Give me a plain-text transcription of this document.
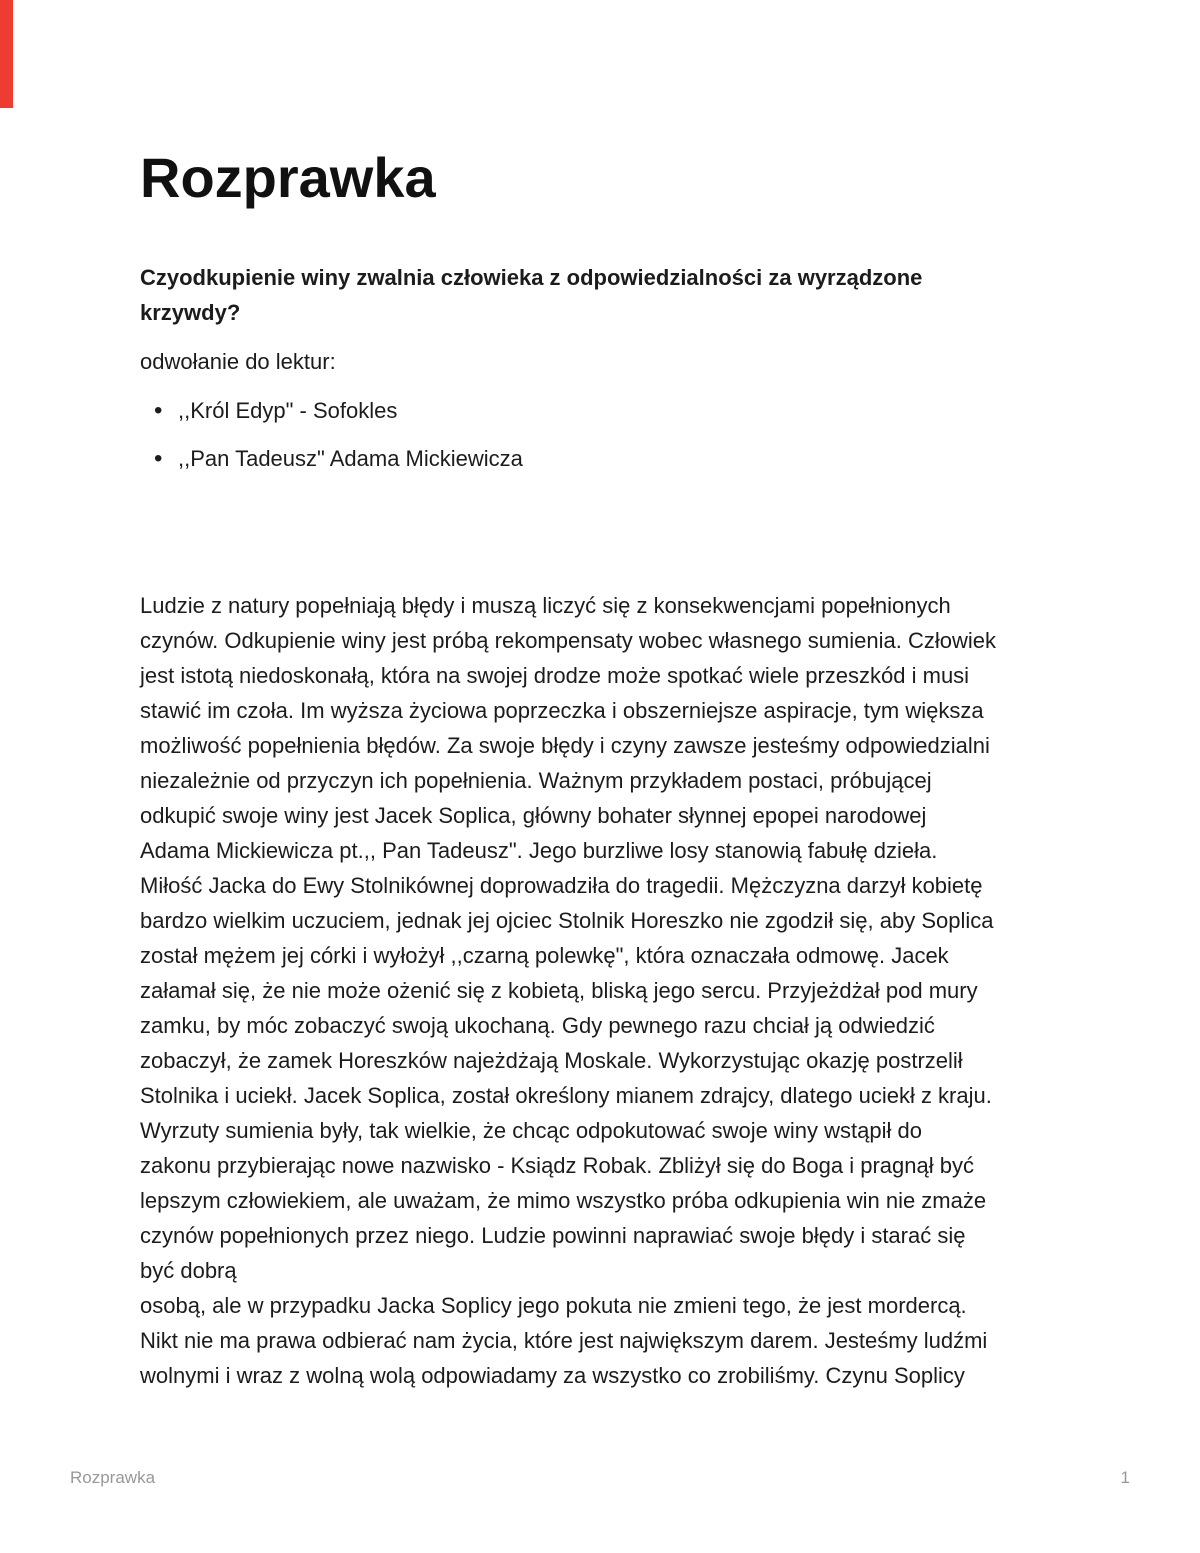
Rozprawka
Czyodkupienie winy zwalnia człowieka z odpowiedzialności za wyrządzone
krzywdy?
odwołanie do lektur:
• ,,Król Edyp" - Sofokles
• ,,Pan Tadeusz" Adama Mickiewicza
Ludzie z natury popełniają błędy i muszą liczyć się z konsekwencjami popełnionych
czynów. Odkupienie winy jest próbą rekompensaty wobec własnego sumienia. Człowiek
jest istotą niedoskonałą, która na swojej drodze może spotkać wiele przeszkód i musi
stawić im czoła. Im wyższa życiowa poprzeczka i obszerniejsze aspiracje, tym większa
możliwość popełnienia błędów. Za swoje błędy i czyny zawsze jesteśmy odpowiedzialni
niezależnie od przyczyn ich popełnienia. Ważnym przykładem postaci, próbującej
odkupić swoje winy jest Jacek Soplica, główny bohater słynnej epopei narodowej
Adama Mickiewicza pt.,, Pan Tadeusz". Jego burzliwe losy stanowią fabułę dzieła.
Miłość Jacka do Ewy Stolnikównej doprowadziła do tragedii. Mężczyzna darzył kobietę
bardzo wielkim uczuciem, jednak jej ojciec Stolnik Horeszko nie zgodził się, aby Soplica
został mężem jej córki i wyłożył ,,czarną polewkę", która oznaczała odmowę. Jacek
załamał się, że nie może ożenić się z kobietą, bliską jego sercu. Przyjeżdżał pod mury
zamku, by móc zobaczyć swoją ukochaną. Gdy pewnego razu chciał ją odwiedzić
zobaczył, że zamek Horeszków najeżdżają Moskale. Wykorzystując okazję postrzelił
Stolnika i uciekł. Jacek Soplica, został określony mianem zdrajcy, dlatego uciekł z kraju.
Wyrzuty sumienia były, tak wielkie, że chcąc odpokutować swoje winy wstąpił do
zakonu przybierając nowe nazwisko - Ksiądz Robak. Zbliżył się do Boga i pragnął być
lepszym człowiekiem, ale uważam, że mimo wszystko próba odkupienia win nie zmaże
czynów popełnionych przez niego. Ludzie powinni naprawiać swoje błędy i starać się
być dobrą
osobą, ale w przypadku Jacka Soplicy jego pokuta nie zmieni tego, że jest mordercą.
Nikt nie ma prawa odbierać nam życia, które jest największym darem. Jesteśmy ludźmi
wolnymi i wraz z wolną wolą odpowiadamy za wszystko co zrobiliśmy. Czynu Soplicy
Rozprawka	1
